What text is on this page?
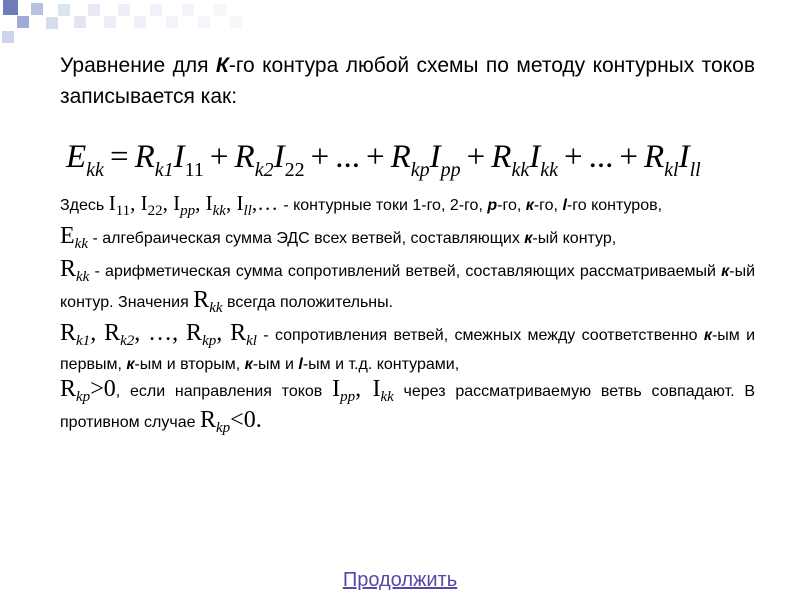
Уравнение для К-го контура любой схемы по методу контурных токов записывается как:
$E_{kk} = R_{k1}I_{11} + R_{k2}I_{22}$ + ... + $R_{kp}I_{pp} + R_{kk}I_{kk}$ + ... + $R_{kl}I_{ll}$

Здесь $I_{11}$, $I_{22}$, $I_{pp}$, $I_{kk}$, $I_{ll},\dots$ - контурные токи 1-го, 2-го, р-го, к-го, l-го контуров,

$E_{kk}$ - алгебраическая сумма ЭДС всех ветвей, составляющих к-ый контур,

$R_{kk}$ - арифметическая сумма сопротивлений ветвей, составляющих рассматриваемый к-ый контур. Значения $R_{kk}$ всегда положительны.

$R_{k1}$, $R_{k2}$, …, $R_{kp}$, $R_{kl}$ - сопротивления ветвей, смежных между соответственно к-ым и первым, к-ым и вторым, к-ым и l-ым и т.д. контурами,

$R_{kp}>0$, если направления токов $I_{pp}$, $I_{kk}$ через рассматриваемую ветвь совпадают. В противном случае $R_{kp}<0$.

Продолжить
